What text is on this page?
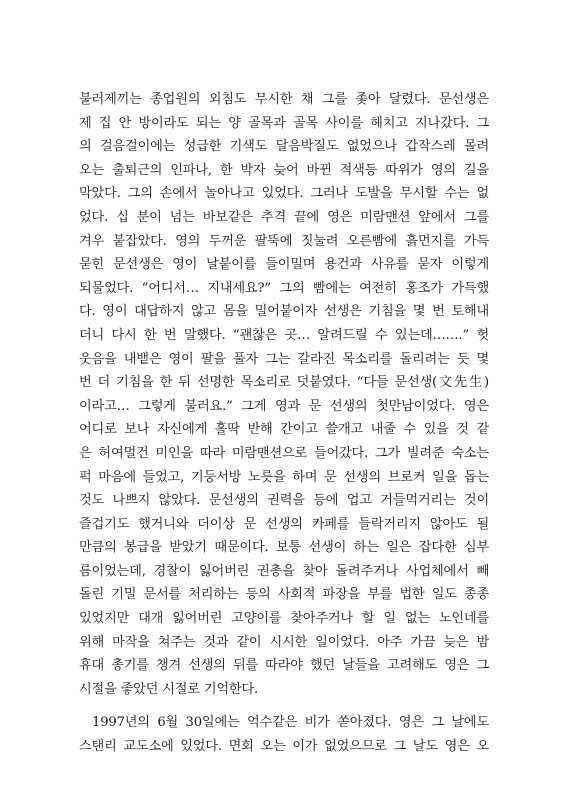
불러제끼는 종업원의 외침도 무시한 채 그를 좇아 달렸다. 문선생은
제 집 안 방이라도 되는 양 골목과 골목 사이를 헤치고 지나갔다. 그
의 걸음걸이에는 성급한 기색도 달음박질도 없었으나 갑작스레 몰려
오는 출퇴근의 인파나, 한 박자 늦어 바뀐 적색등 따위가 영의 길을
막았다. 그의 손에서 놀아나고 있었다. 그러나 도발을 무시할 수는 없
었다. 십 분이 넘는 바보같은 추격 끝에 영은 미람맨션 앞에서 그를
겨우 붙잡았다. 영의 두꺼운 팔뚝에 짓눌려 오른빰에 흙먼지를 가득
묻힌 문선생은 영이 날붙이를 들이밀며 용건과 사유를 묻자 이렇게
되물었다. “어디서… 지내세요?” 그의 빰에는 여전히 홍조가 가득했
다. 영이 대답하지 않고 몸을 밀어붙이자 선생은 기침을 몇 번 토해내
더니 다시 한 번 말했다. “괜찮은 곳… 알려드릴 수 있는데…….” 헛
웃음을 내뱉은 영이 팔을 풀자 그는 갈라진 목소리를 돌리려는 듯 몇
번 더 기침을 한 뒤 선명한 목소리로 덧붙였다. “다들 문선생(文先生)
이라고… 그렇게 불러요.” 그게 영과 문 선생의 첫만남이었다. 영은
어디로 보나 자신에게 홀딱 반해 간이고 쓸개고 내줄 수 있을 것 같
은 허여멀건 미인을 따라 미람맨션으로 들어갔다. 그가 빌려준 숙소는
퍽 마음에 들었고, 기둥서방 노릇을 하며 문 선생의 브로커 일을 돕는
것도 나쁘지 않았다. 문선생의 권력을 등에 업고 거들먹거리는 것이
즐겁기도 했거니와 더이상 문 선생의 카페를 들락거리지 않아도 될
만큼의 봉급을 받았기 때문이다. 보통 선생이 하는 일은 잡다한 심부
름이었는데, 경찰이 잃어버린 권총을 찾아 돌려주거나 사업체에서 빼
돌린 기밀 문서를 처리하는 등의 사회적 파장을 부를 법한 일도 종종
있었지만 대개 잃어버린 고양이를 찾아주거나 할 일 없는 노인네를
위해 마작을 쳐주는 것과 같이 시시한 일이었다. 아주 가끔 늦은 밤
휴대 총기를 챙겨 선생의 뒤를 따라야 했던 날들을 고려해도 영은 그
시절을 좋았던 시절로 기억한다.
1997년의 6월 30일에는 억수같은 비가 쏟아졌다. 영은 그 날에도
스탠리 교도소에 있었다. 면회 오는 이가 없었으므로 그 날도 영은 오
